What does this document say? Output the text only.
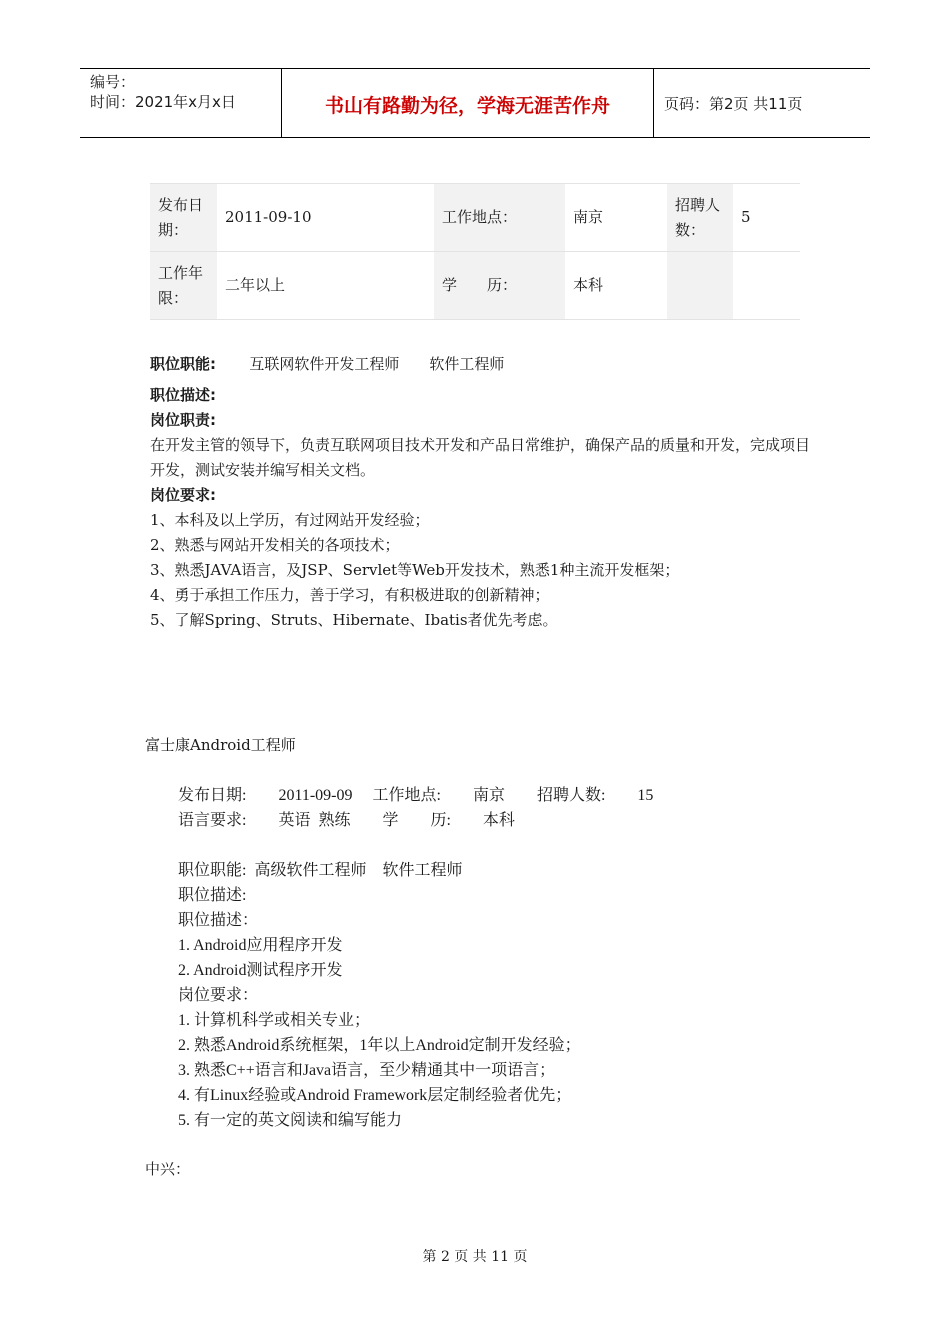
编号：
时间：2021年x月x日	书山有路勤为径，学海无涯苦作舟	页码：第2页 共11页
发布日期：	2011-09-10	工作地点：	南京	招聘人数：	5
工作年限：	二年以上	学　　历：	本科		

职位职能: 互联网软件开发工程师　　软件工程师

职位描述:

岗位职责:

在开发主管的领导下，负责互联网项目技术开发和产品日常维护，确保产品的质量和开发，完成项目开发，测试安装并编写相关文档。

岗位要求:

1、本科及以上学历，有过网站开发经验；

2、熟悉与网站开发相关的各项技术；

3、熟悉JAVA语言，及JSP、Servlet等Web开发技术，熟悉1种主流开发框架；

4、勇于承担工作压力，善于学习，有积极进取的创新精神；

5、了解Spring、Struts、Hibernate、Ibatis者优先考虑。

富士康Android工程师

发布日期:　　2011-09-09　 工作地点:　　南京　　招聘人数:　　15

语言要求:　　英语  熟练　　学　　历:　　本科

职位职能:  高级软件工程师　软件工程师

职位描述:

职位描述：

1. Android应用程序开发

2. Android测试程序开发

岗位要求：

1. 计算机科学或相关专业；

2. 熟悉Android系统框架，1年以上Android定制开发经验；

3. 熟悉C++语言和Java语言，至少精通其中一项语言；

4. 有Linux经验或Android Framework层定制经验者优先；

5. 有一定的英文阅读和编写能力

中兴：
第 2 页 共 11 页
